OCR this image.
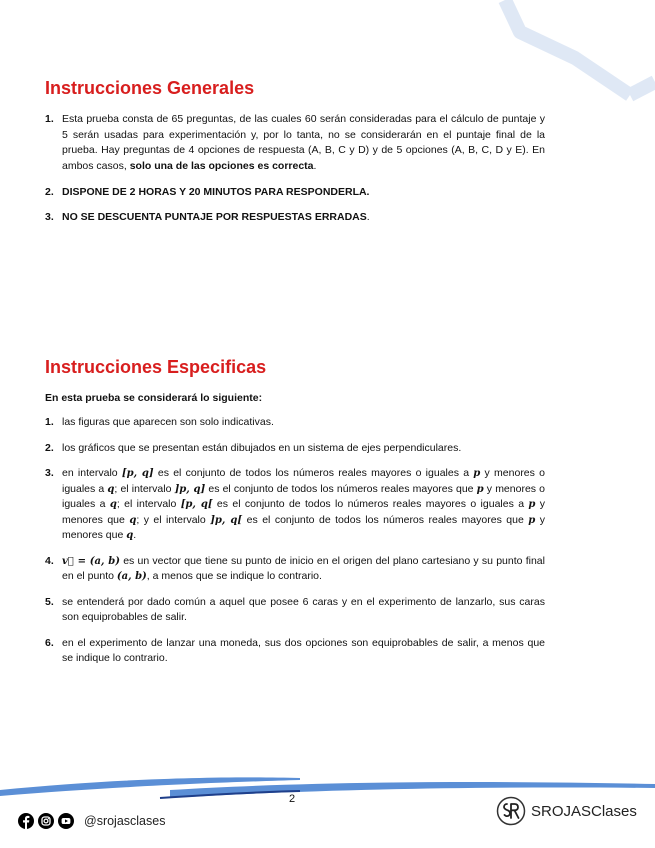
Instrucciones Generales
1. Esta prueba consta de 65 preguntas, de las cuales 60 serán consideradas para el cálculo de puntaje y 5 serán usadas para experimentación y, por lo tanta, no se considerarán en el puntaje final de la prueba. Hay preguntas de 4 opciones de respuesta (A, B, C y D) y de 5 opciones (A, B, C, D y E). En ambos casos, solo una de las opciones es correcta.
2. DISPONE DE 2 HORAS Y 20 MINUTOS PARA RESPONDERLA.
3. NO SE DESCUENTA PUNTAJE POR RESPUESTAS ERRADAS.
Instrucciones Especificas

En esta prueba se considerará lo siguiente:

1. las figuras que aparecen son solo indicativas.
2. los gráficos que se presentan están dibujados en un sistema de ejes perpendiculares.
3. en intervalo [p, q] es el conjunto de todos los números reales mayores o iguales a p y menores o iguales a q; el intervalo ]p, q] es el conjunto de todos los números reales mayores que p y menores o iguales a q; el intervalo [p, q[ es el conjunto de todos lo números reales mayores o iguales a p y menores que q; y el intervalo ]p, q[ es el conjunto de todos los números reales mayores que p y menores que q.
4. v⃗ = (a, b) es un vector que tiene su punto de inicio en el origen del plano cartesiano y su punto final en el punto (a, b), a menos que se indique lo contrario.
5. se entenderá por dado común a aquel que posee 6 caras y en el experimento de lanzarlo, sus caras son equiprobables de salir.
6. en el experimento de lanzar una moneda, sus dos opciones son equiprobables de salir, a menos que se indique lo contrario.
2
@srojasclases
SROJASClases
